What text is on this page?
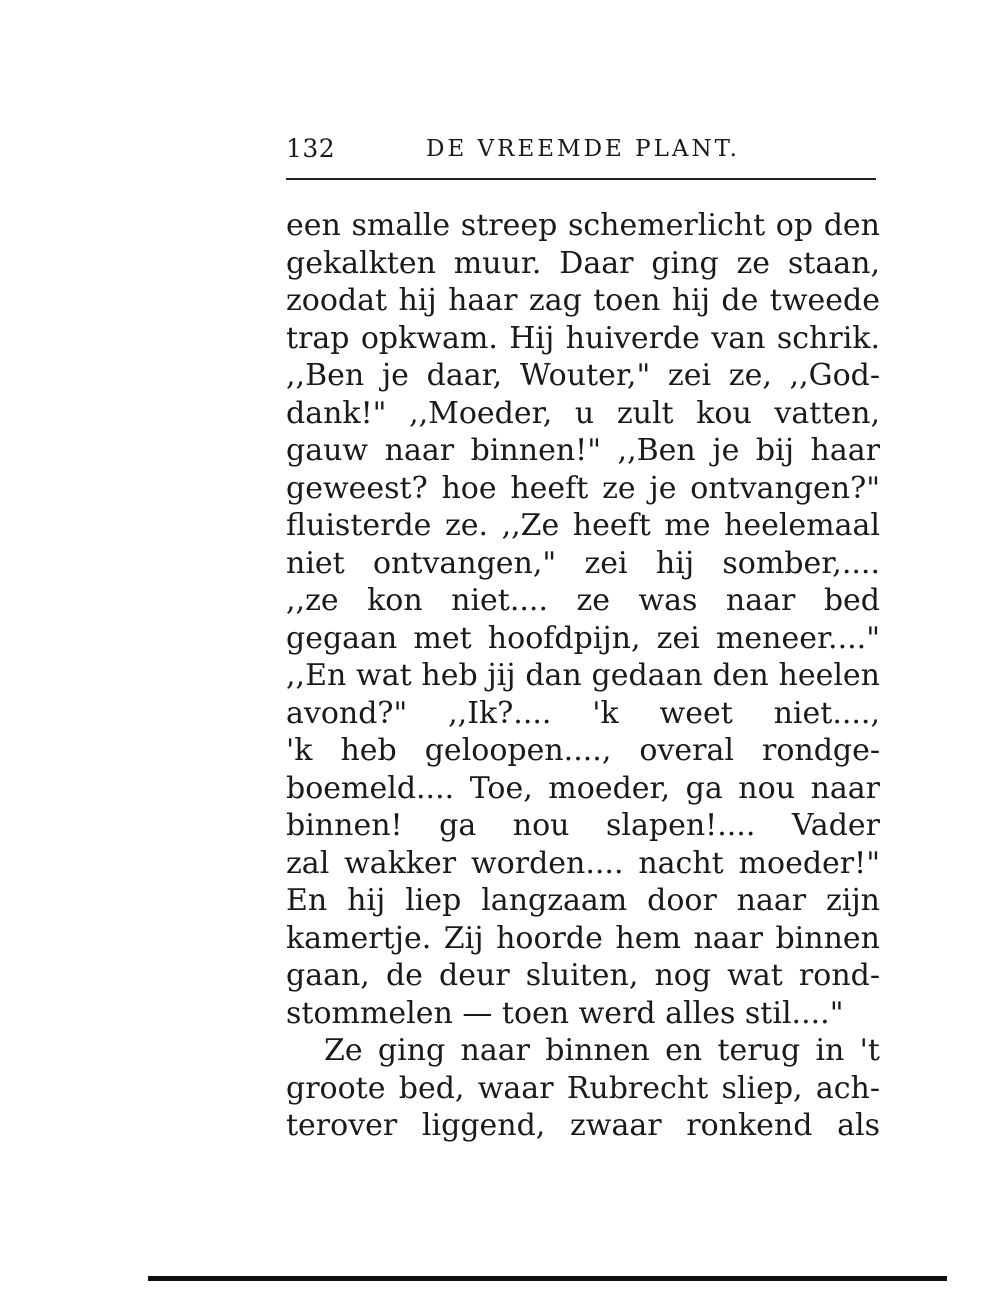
132	DE VREEMDE PLANT.
een smalle streep schemerlicht op den
gekalkten muur. Daar ging ze staan,
zoodat hij haar zag toen hij de tweede
trap opkwam. Hij huiverde van schrik.
,,Ben je daar, Wouter," zei ze, ,,God-
dank!" ,,Moeder, u zult kou vatten,
gauw naar binnen!" ,,Ben je bij haar
geweest? hoe heeft ze je ontvangen?"
fluisterde ze. ,,Ze heeft me heelemaal
niet ontvangen," zei hij somber,....
,,ze kon niet.... ze was naar bed
gegaan met hoofdpijn, zei meneer...."
,,En wat heb jij dan gedaan den heelen
avond?" ,,Ik?.... 'k weet niet....,
'k heb geloopen...., overal rondge-
boemeld.... Toe, moeder, ga nou naar
binnen! ga nou slapen!.... Vader
zal wakker worden.... nacht moeder!"
En hij liep langzaam door naar zijn
kamertje. Zij hoorde hem naar binnen
gaan, de deur sluiten, nog wat rond-
stommelen — toen werd alles stil...."
Ze ging naar binnen en terug in 't
groote bed, waar Rubrecht sliep, ach-
terover liggend, zwaar ronkend als
